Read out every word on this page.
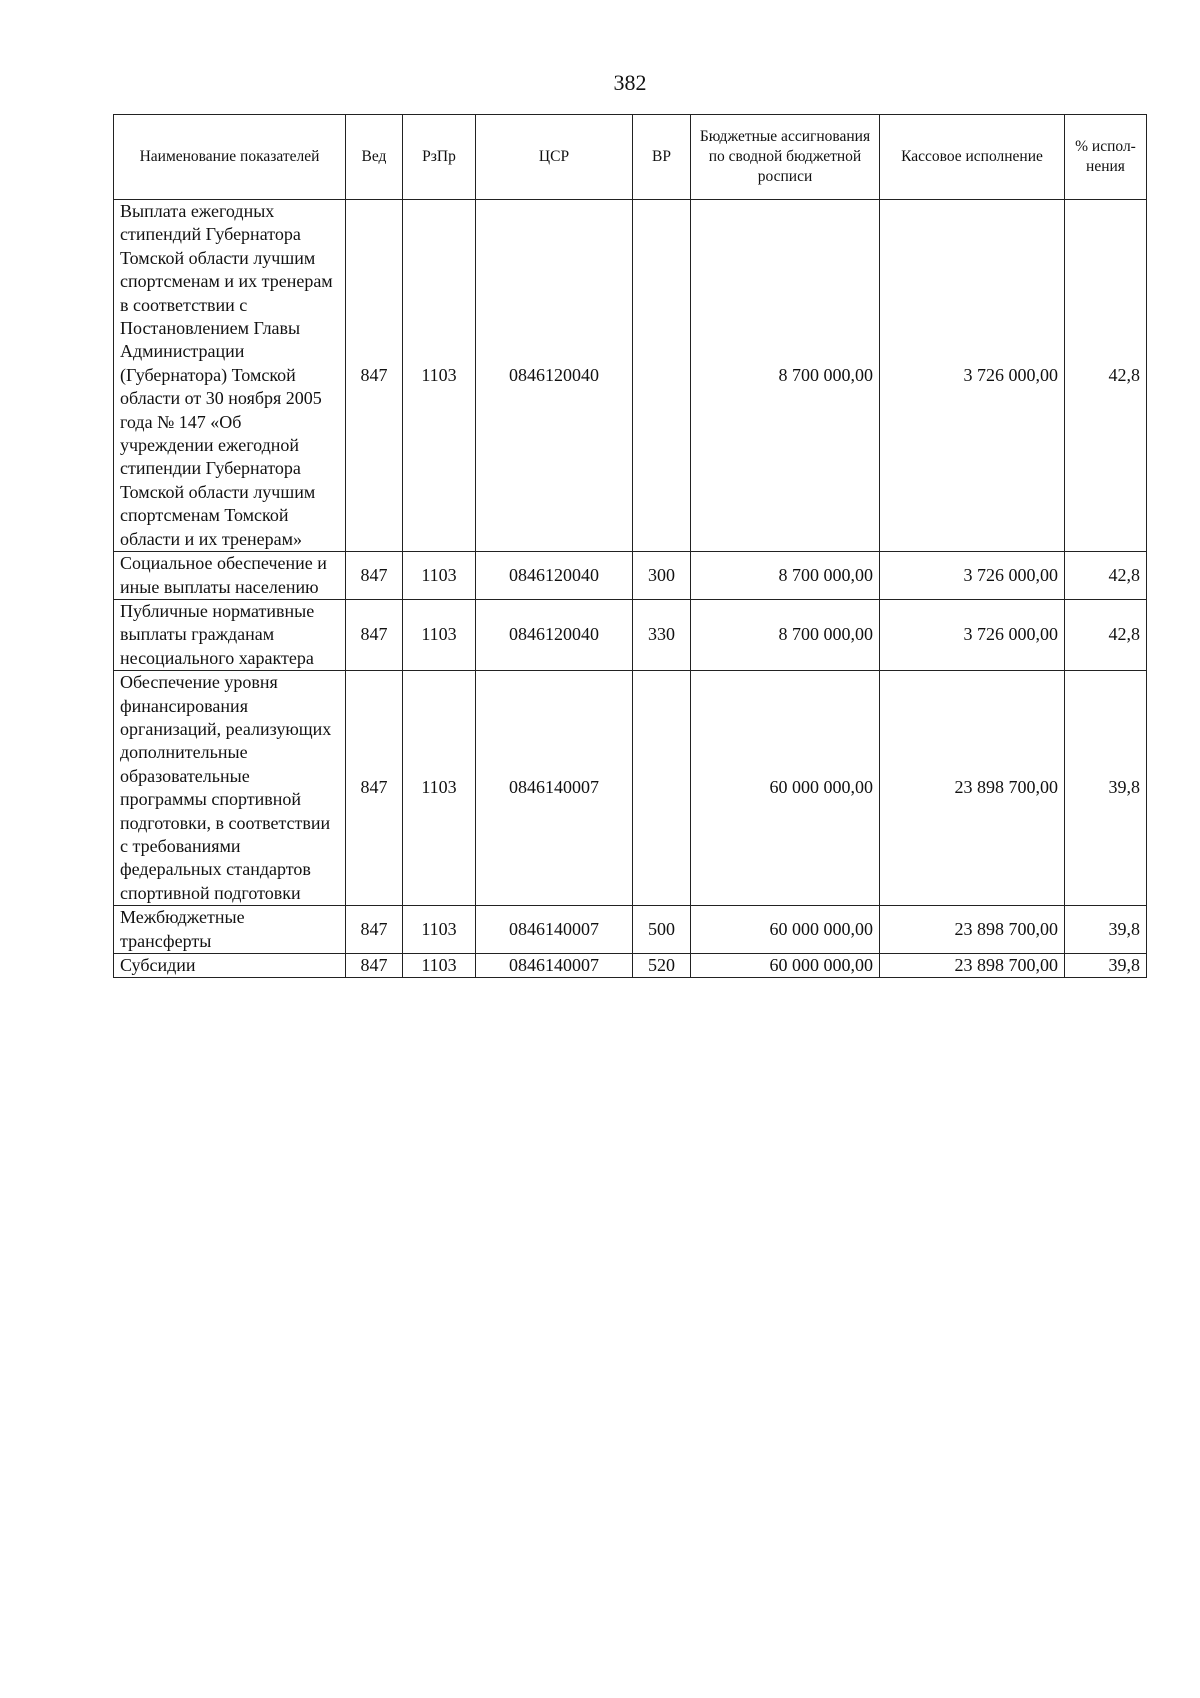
382
Наименование показателей	Вед	РзПр	ЦСР	ВР	Бюджетные ассигнования по сводной бюджетной росписи	Кассовое исполнение	% испол-нения
Выплата ежегодных стипендий Губернатора Томской области лучшим спортсменам и их тренерам в соответствии с Постановлением Главы Администрации (Губернатора) Томской области от 30 ноября 2005 года № 147 «Об учреждении ежегодной стипендии Губернатора Томской области лучшим спортсменам Томской области и их тренерам»	847	1103	0846120040		8 700 000,00	3 726 000,00	42,8
Социальное обеспечение и иные выплаты населению	847	1103	0846120040	300	8 700 000,00	3 726 000,00	42,8
Публичные нормативные выплаты гражданам несоциального характера	847	1103	0846120040	330	8 700 000,00	3 726 000,00	42,8
Обеспечение уровня финансирования организаций, реализующих дополнительные образовательные программы спортивной подготовки, в соответствии с требованиями федеральных стандартов спортивной подготовки	847	1103	0846140007		60 000 000,00	23 898 700,00	39,8
Межбюджетные трансферты	847	1103	0846140007	500	60 000 000,00	23 898 700,00	39,8
Субсидии	847	1103	0846140007	520	60 000 000,00	23 898 700,00	39,8
